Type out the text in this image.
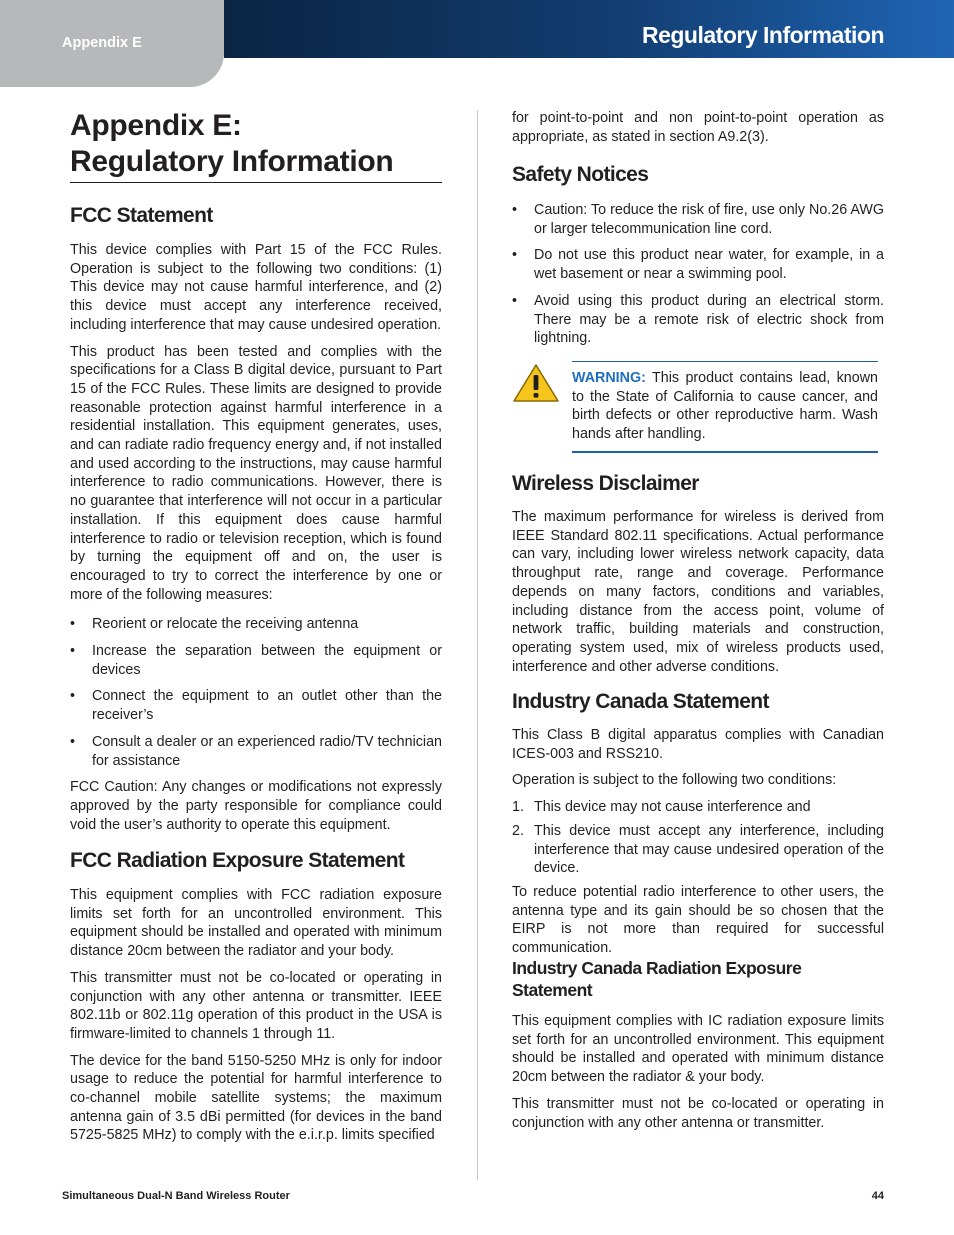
Appendix E	Regulatory Information
Appendix E:
Regulatory Information
FCC Statement

This device complies with Part 15 of the FCC Rules. Operation is subject to the following two conditions: (1) This device may not cause harmful interference, and (2) this device must accept any interference received, including interference that may cause undesired operation.

This product has been tested and complies with the specifications for a Class B digital device, pursuant to Part 15 of the FCC Rules. These limits are designed to provide reasonable protection against harmful interference in a residential installation. This equipment generates, uses, and can radiate radio frequency energy and, if not installed and used according to the instructions, may cause harmful interference to radio communications. However, there is no guarantee that interference will not occur in a particular installation. If this equipment does cause harmful interference to radio or television reception, which is found by turning the equipment off and on, the user is encouraged to try to correct the interference by one or more of the following measures:

• Reorient or relocate the receiving antenna
• Increase the separation between the equipment or devices
• Connect the equipment to an outlet other than the receiver’s
• Consult a dealer or an experienced radio/TV technician for assistance

FCC Caution: Any changes or modifications not expressly approved by the party responsible for compliance could void the user’s authority to operate this equipment.

FCC Radiation Exposure Statement

This equipment complies with FCC radiation exposure limits set forth for an uncontrolled environment. This equipment should be installed and operated with minimum distance 20cm between the radiator and your body.

This transmitter must not be co-located or operating in conjunction with any other antenna or transmitter. IEEE 802.11b or 802.11g operation of this product in the USA is firmware-limited to channels 1 through 11.

The device for the band 5150-5250 MHz is only for indoor usage to reduce the potential for harmful interference to co-channel mobile satellite systems; the maximum antenna gain of 3.5 dBi permitted (for devices in the band 5725-5825 MHz) to comply with the e.i.r.p. limits specified

for point-to-point and non point-to-point operation as appropriate, as stated in section A9.2(3).

Safety Notices
• Caution: To reduce the risk of fire, use only No.26 AWG or larger telecommunication line cord.
• Do not use this product near water, for example, in a wet basement or near a swimming pool.
• Avoid using this product during an electrical storm. There may be a remote risk of electric shock from lightning.

WARNING: This product contains lead, known to the State of California to cause cancer, and birth defects or other reproductive harm. Wash hands after handling.

Wireless Disclaimer

The maximum performance for wireless is derived from IEEE Standard 802.11 specifications. Actual performance can vary, including lower wireless network capacity, data throughput rate, range and coverage. Performance depends on many factors, conditions and variables, including distance from the access point, volume of network traffic, building materials and construction, operating system used, mix of wireless products used, interference and other adverse conditions.

Industry Canada Statement

This Class B digital apparatus complies with Canadian ICES-003 and RSS210.

Operation is subject to the following two conditions:

1. This device may not cause interference and
2. This device must accept any interference, including interference that may cause undesired operation of the device.

To reduce potential radio interference to other users, the antenna type and its gain should be so chosen that the EIRP is not more than required for successful communication.

Industry Canada Radiation Exposure Statement

This equipment complies with IC radiation exposure limits set forth for an uncontrolled environment. This equipment should be installed and operated with minimum distance 20cm between the radiator & your body.

This transmitter must not be co-located or operating in conjunction with any other antenna or transmitter.

Simultaneous Dual-N Band Wireless Router	44
